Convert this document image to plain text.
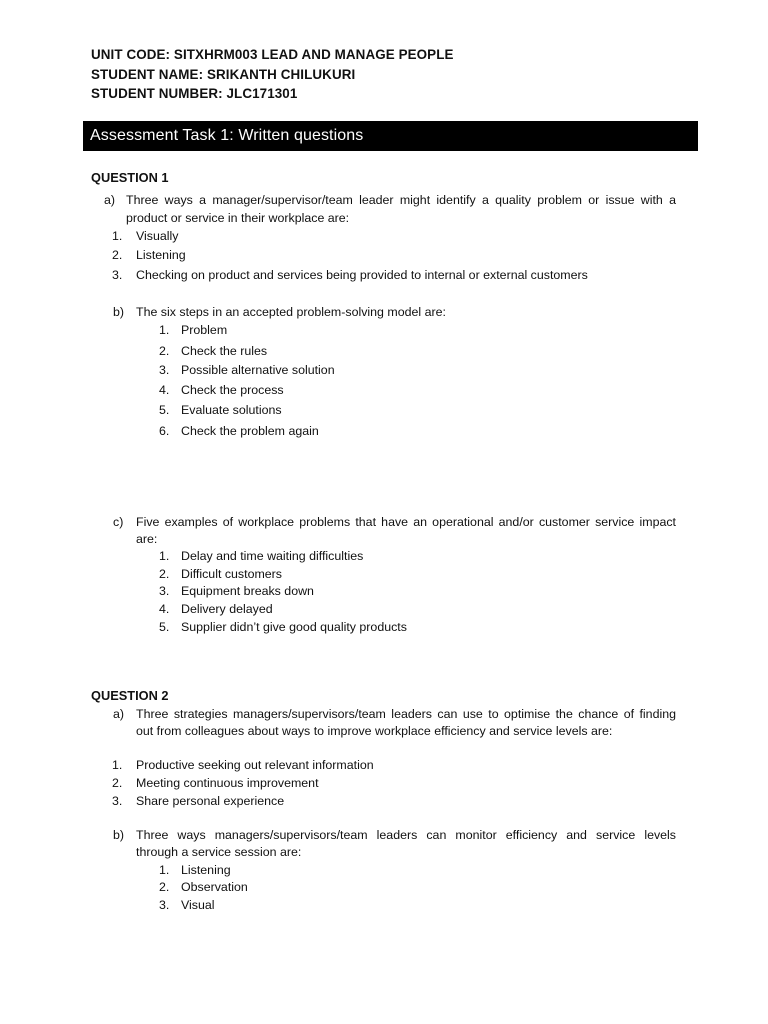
UNIT CODE: SITXHRM003 LEAD AND MANAGE PEOPLE
STUDENT NAME: SRIKANTH CHILUKURI
STUDENT NUMBER: JLC171301
Assessment Task 1: Written questions
QUESTION 1
a) Three ways a manager/supervisor/team leader might identify a quality problem or issue with a
product or service in their workplace are:
1. Visually
2. Listening
3. Checking on product and services being provided to internal or external customers
b) The six steps in an accepted problem-solving model are:
1. Problem
2. Check the rules
3. Possible alternative solution
4. Check the process
5. Evaluate solutions
6. Check the problem again
c) Five examples of workplace problems that have an operational and/or customer service impact
are:
1. Delay and time waiting difficulties
2. Difficult customers
3. Equipment breaks down
4. Delivery delayed
5. Supplier didn’t give good quality products
QUESTION 2
a) Three strategies managers/supervisors/team leaders can use to optimise the chance of finding
out from colleagues about ways to improve workplace efficiency and service levels are:
1. Productive seeking out relevant information
2. Meeting continuous improvement
3. Share personal experience
b) Three ways managers/supervisors/team leaders can monitor efficiency and service levels
through a service session are:
1. Listening
2. Observation
3. Visual
